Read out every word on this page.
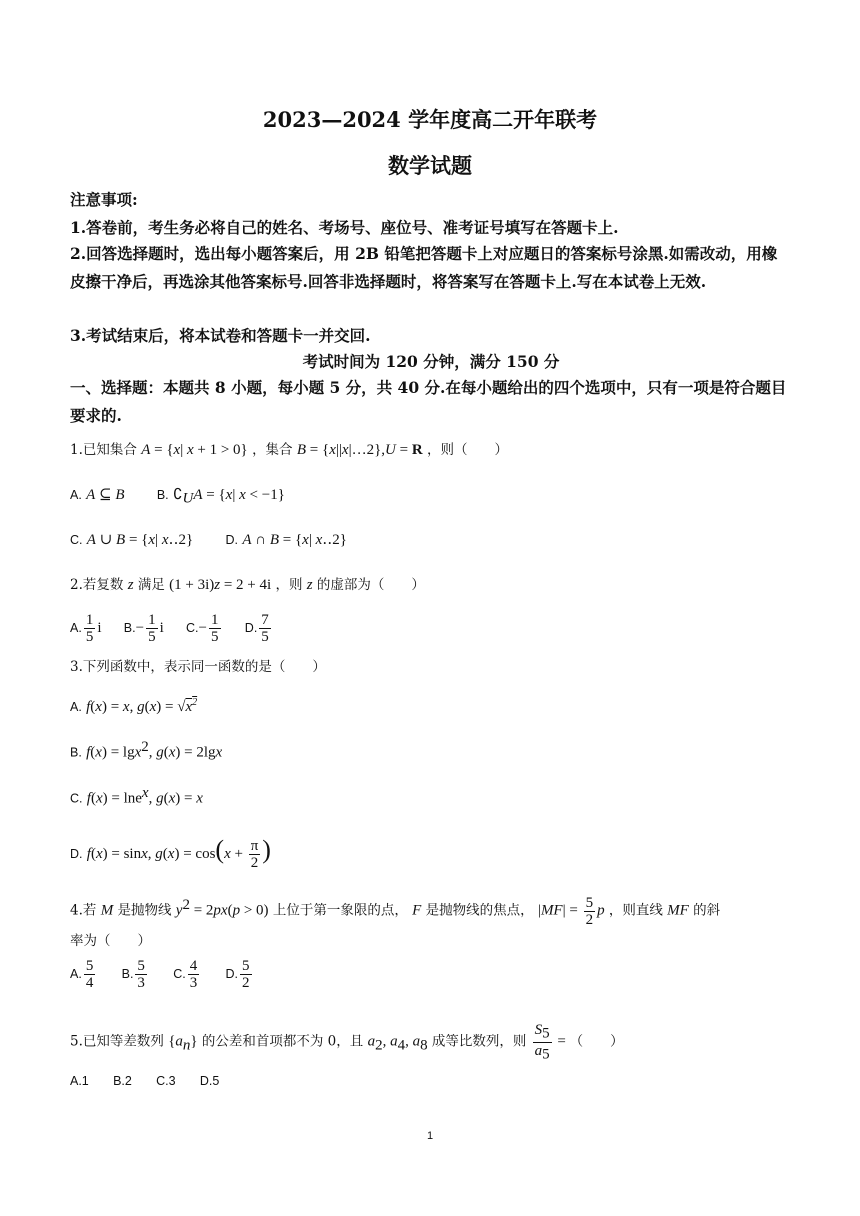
2023—2024 学年度高二开年联考
数学试题
注意事项:
1.答卷前，考生务必将自己的姓名、考场号、座位号、准考证号填写在答题卡上.
2.回答选择题时，选出每小题答案后，用 2B 铅笔把答题卡上对应题日的答案标号涂黑.如需改动，用橡皮擦干净后，再选涂其他答案标号.回答非选择题时，将答案写在答题卡上.写在本试卷上无效.
3.考试结束后，将本试卷和答题卡一并交回.
考试时间为 120 分钟，满分 150 分
一、选择题：本题共 8 小题，每小题 5 分，共 40 分.在每小题给出的四个选项中，只有一项是符合题目要求的.
1.已知集合 A = {x| x + 1 > 0} ，集合 B = {x||x|…2},U = R ，则（　　）
A. A ⊆ B	B. $∁_UA = \{x|$ x < −1}
C. A ∪ B = {x| x‥2}	D. A ∩ B = {x| x‥2}
2.若复数 z 满足 (1 + 3i)z = 2 + 4i ，则 z 的虚部为（　　）
A. $\frac{1}{5}$ i $B.- \frac{1}{5}$ i $C.- \frac{1}{5} D$. $\frac{7}{5}$
3.下列函数中，表示同一函数的是（　　）
A. f(x) = x, $g(x) = √x^2$
B. f(x) = lgx$^2$, g(x) = 2lgx
C. f(x) = lne$^x$, g(x) = x
D. f(x) = sinx, $g(x) = \cos(x + \frac{\pi}{2}$ )
4.若 M 是抛物线 $y^2 = 2px(p > 0)$ 上位于第一象限的点， F 是抛物线的焦点， $|MF| = \frac{5}{2}$ p ，则直线 MF 的斜
率为（　　）
A. $\frac{5}{4} B$. $\frac{5}{3} C$. $\frac{4}{3} D$. $\frac{5}{2}$
5.已知等差数列 $\{a_n\}$ 的公差和首项都不为 0，且 $a_2$, $a_4$, $a_8$ 成等比数列，则 $\frac{S_5}{a_5}$ = （　　）
A.1 B.2 C.3 D.5
1
